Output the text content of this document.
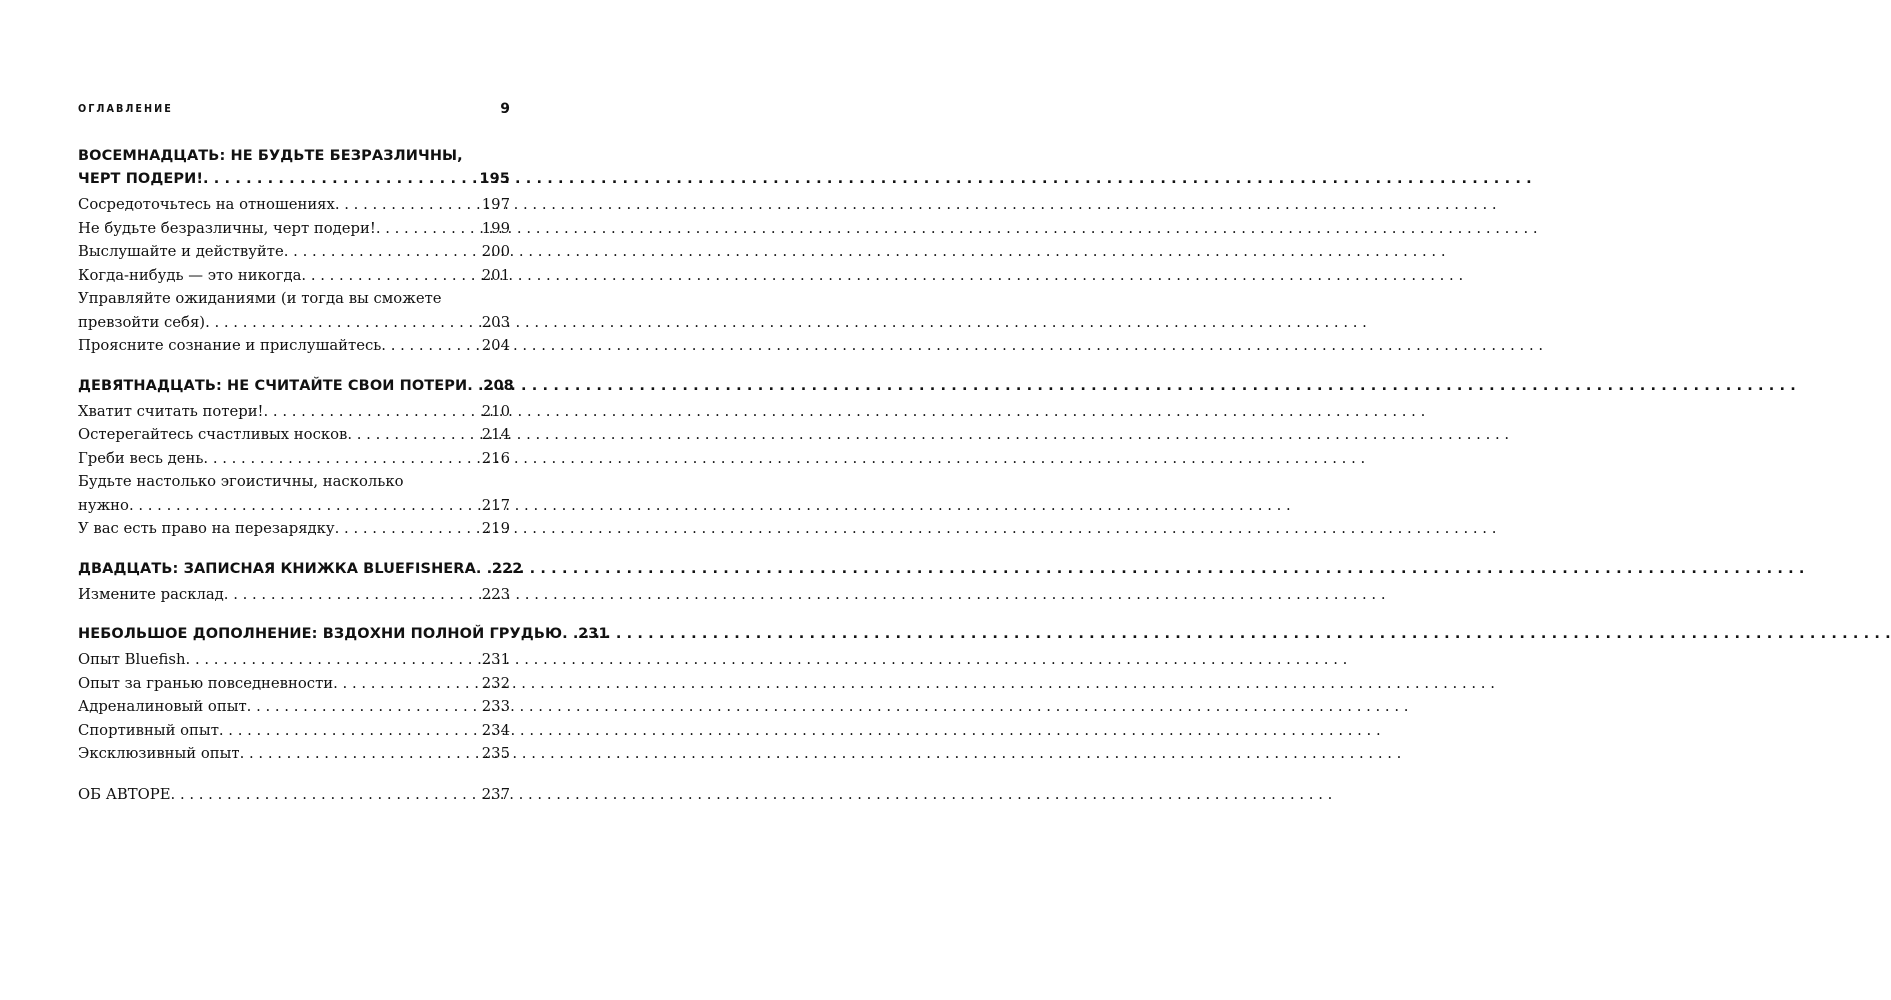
ОГЛАВЛЕНИЕ	9
ВОСЕМНАДЦАТЬ: НЕ БУДЬТЕ БЕЗРАЗЛИЧНЫ,
ЧЕРТ ПОДЕРИ! . . .	195
Сосредоточьтесь на отношениях . . .	197
Не будьте безразличны, черт подери! . . .	199
Выслушайте и действуйте . . .	200
Когда-нибудь — это никогда . . .	201
Управляйте ожиданиями (и тогда вы сможете
превзойти себя) . . .	203
Проясните сознание и прислушайтесь . . .	204
ДЕВЯТНАДЦАТЬ: НЕ СЧИТАЙТЕ СВОИ ПОТЕРИ . . .	208
Хватит считать потери! . . .	210
Остерегайтесь счастливых носков . . .	214
Греби весь день . . .	216
Будьте настолько эгоистичны, насколько
нужно . . .	217
У вас есть право на перезарядку . . .	219
ДВАДЦАТЬ: ЗАПИСНАЯ КНИЖКА BLUEFISHERA . . .	222
Измените расклад . . .	223
НЕБОЛЬШОЕ ДОПОЛНЕНИЕ: ВЗДОХНИ ПОЛНОЙ ГРУДЬЮ . . .	231
Опыт Bluefish . . .	231
Опыт за гранью повседневности . . .	232
Адреналиновый опыт . . .	233
Спортивный опыт . . .	234
Эксклюзивный опыт . . .	235
ОБ АВТОРЕ . . .	237
